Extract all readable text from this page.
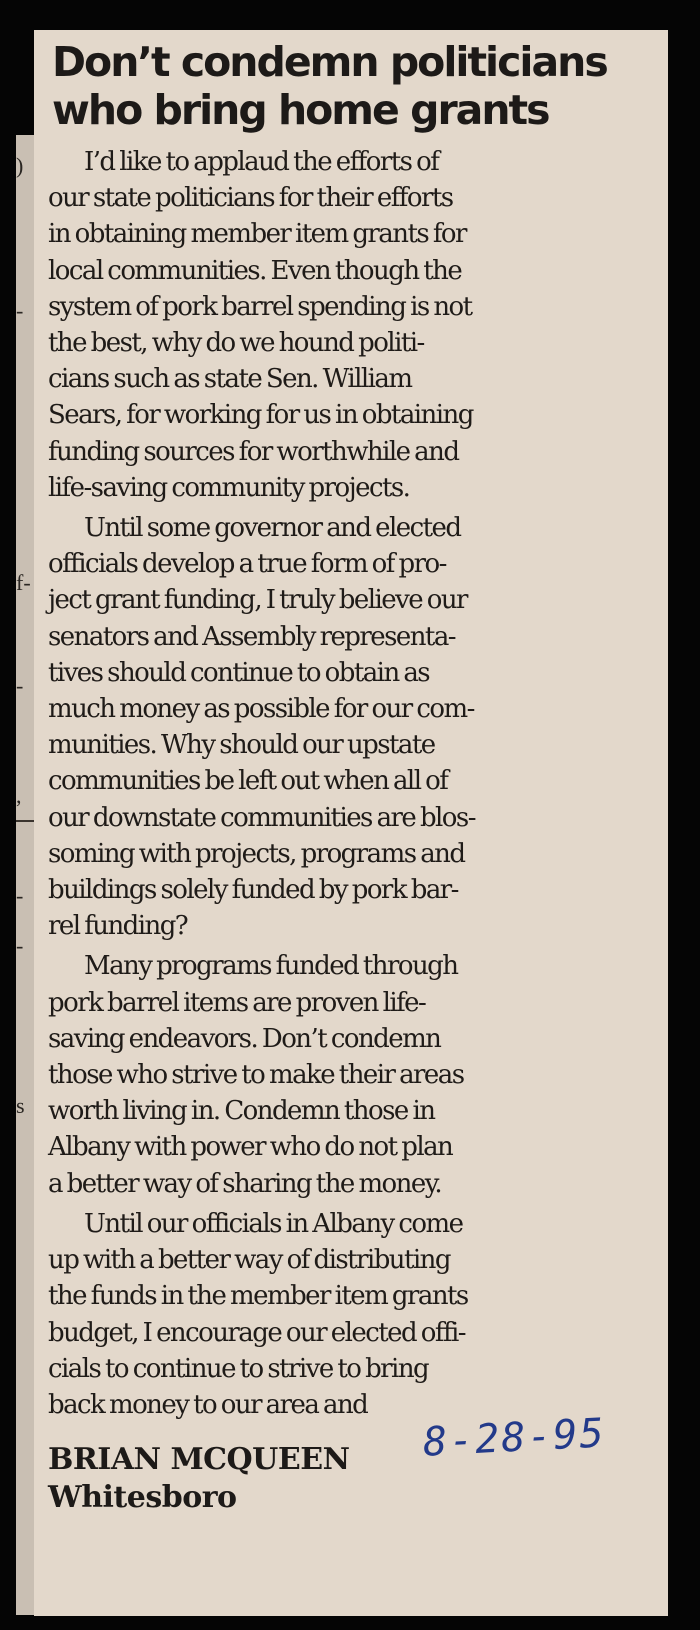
)
-
f-
-
,
-
-
s
Don’t condemn politicians
who bring home grants
I’d like to applaud the efforts of
our state politicians for their efforts
in obtaining member item grants for
local communities. Even though the
system of pork barrel spending is not
the best, why do we hound politi-
cians such as state Sen. William
Sears, for working for us in obtaining
funding sources for worthwhile and
life-saving community projects.
Until some governor and elected
officials develop a true form of pro-
ject grant funding, I truly believe our
senators and Assembly representa-
tives should continue to obtain as
much money as possible for our com-
munities. Why should our upstate
communities be left out when all of
our downstate communities are blos-
soming with projects, programs and
buildings solely funded by pork bar-
rel funding?
Many programs funded through
pork barrel items are proven life-
saving endeavors. Don’t condemn
those who strive to make their areas
worth living in. Condemn those in
Albany with power who do not plan
a better way of sharing the money.
Until our officials in Albany come
up with a better way of distributing
the funds in the member item grants
budget, I encourage our elected offi-
cials to continue to strive to bring
back money to our area and
BRIAN MCQUEEN
Whitesboro
8-28-95
